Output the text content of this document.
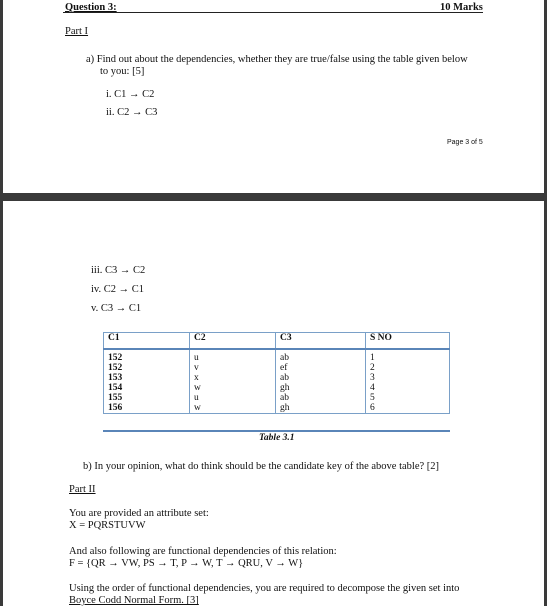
Question 3:	10 Marks
Part I
a) Find out about the dependencies, whether they are true/false using the table given below
to you: [5]
i. C1 → C2
ii. C2 → C3
Page 3 of 5
iii. C3 → C2
iv. C2 → C1
v. C3 → C1
C1	C2	C3	S NO
152	u	ab	1
152	v	ef	2
153	x	ab	3
154	w	gh	4
155	u	ab	5
156	w	gh	6
Table 3.1
b) In your opinion, what do think should be the candidate key of the above table? [2]
Part II
You are provided an attribute set:
X = PQRSTUVW
And also following are functional dependencies of this relation:
F = {QR → VW, PS → T, P → W, T → QRU, V → W}
Using the order of functional dependencies, you are required to decompose the given set into
Boyce Codd Normal Form. [3]
